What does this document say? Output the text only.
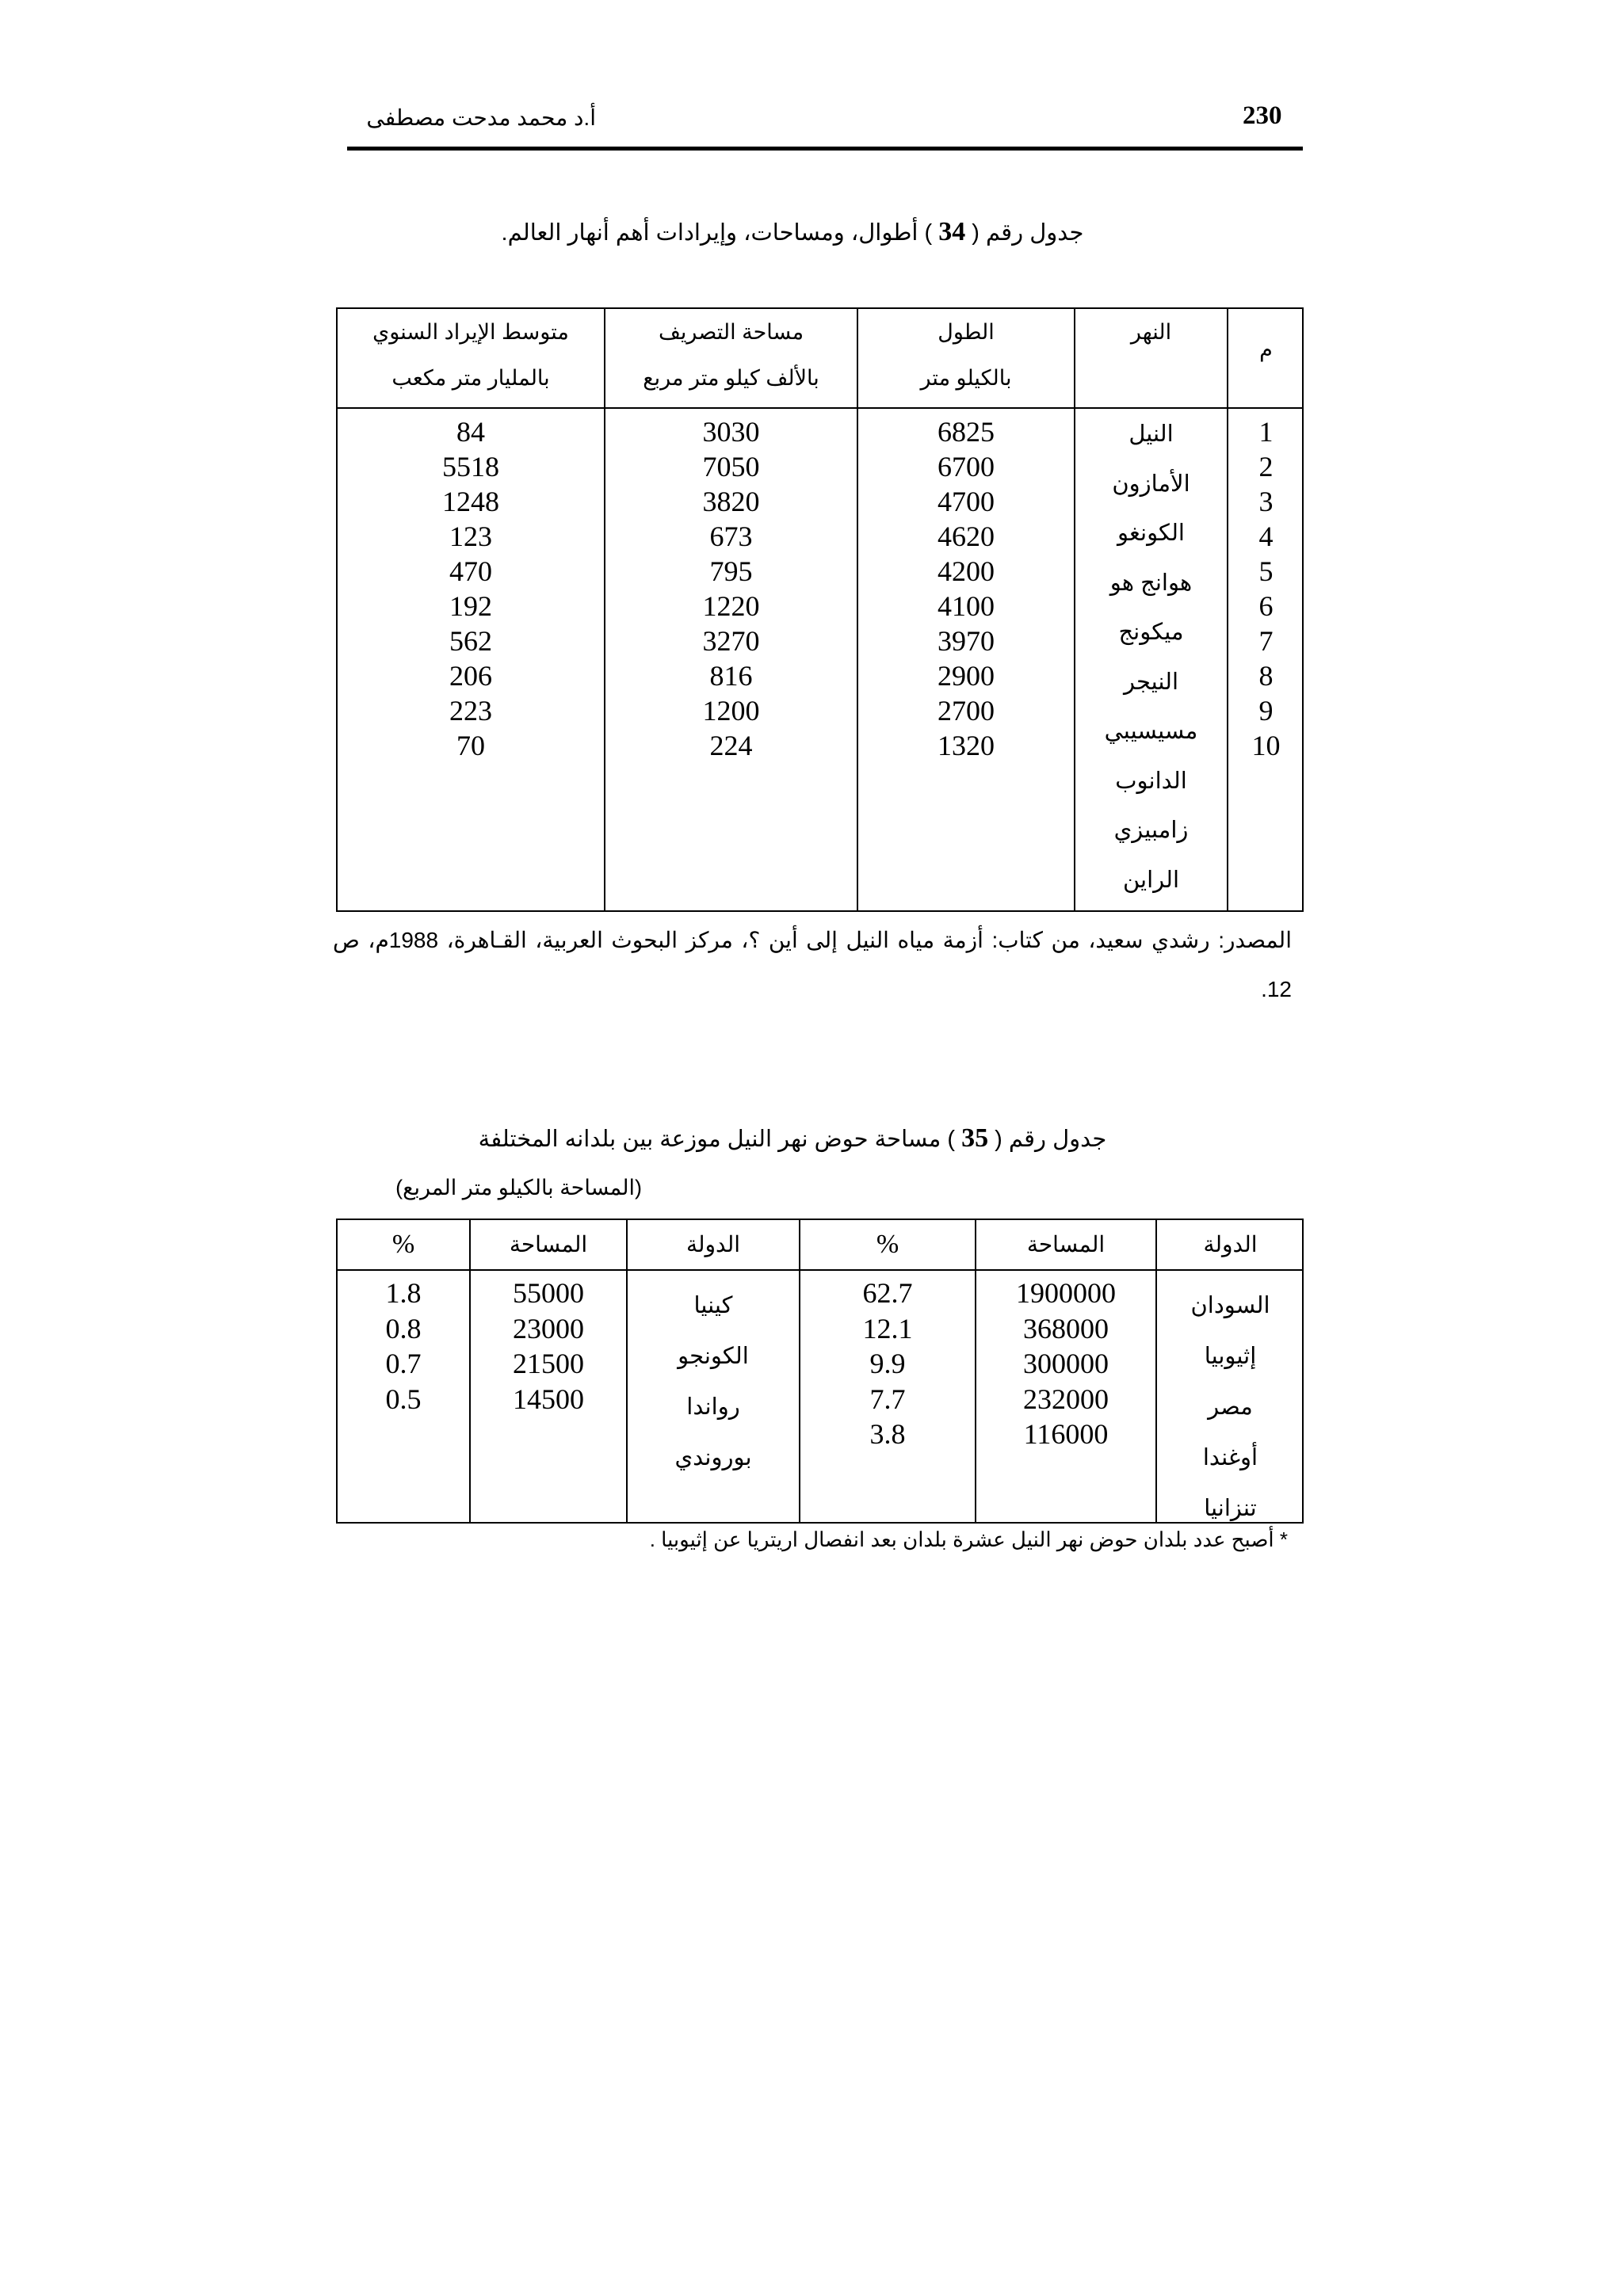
230
أ.د محمد مدحت مصطفى
جدول رقم ( 34 ) أطوال، ومساحات، وإيرادات أهم أنهار العالم.
م
النهر
الطول
بالكيلو متر
مساحة التصريف
بالألف كيلو متر مربع
متوسط الإيراد السنوي
بالمليار متر مكعب
1
2
3
4
5
6
7
8
9
10
النيل
الأمازون
الكونغو
هوانج هو
ميكونج
النيجر
مسيسيبي
الدانوب
زامبيزي
الراين
6825
6700
4700
4620
4200
4100
3970
2900
2700
1320
3030
7050
3820
673
795
1220
3270
816
1200
224
84
5518
1248
123
470
192
562
206
223
70
المصدر: رشدي سعيد، من كتاب: أزمة مياه النيل إلى أين ؟، مركز البحوث العربية، القـاهرة، 1988م، ص 12.
جدول رقم ( 35 ) مساحة حوض نهر النيل موزعة بين بلدانه المختلفة
(المساحة بالكيلو متر المربع)
الدولة
المساحة
%
الدولة
المساحة
%
السودان
إثيوبيا
مصر
أوغندا
تنزانيا
1900000
368000
300000
232000
116000
62.7
12.1
9.9
7.7
3.8
كينيا
الكونجو
رواندا
بوروندي
55000
23000
21500
14500
1.8
0.8
0.7
0.5
* أصبح عدد بلدان حوض نهر النيل عشرة بلدان بعد انفصال اريتريا عن إثيوبيا .
